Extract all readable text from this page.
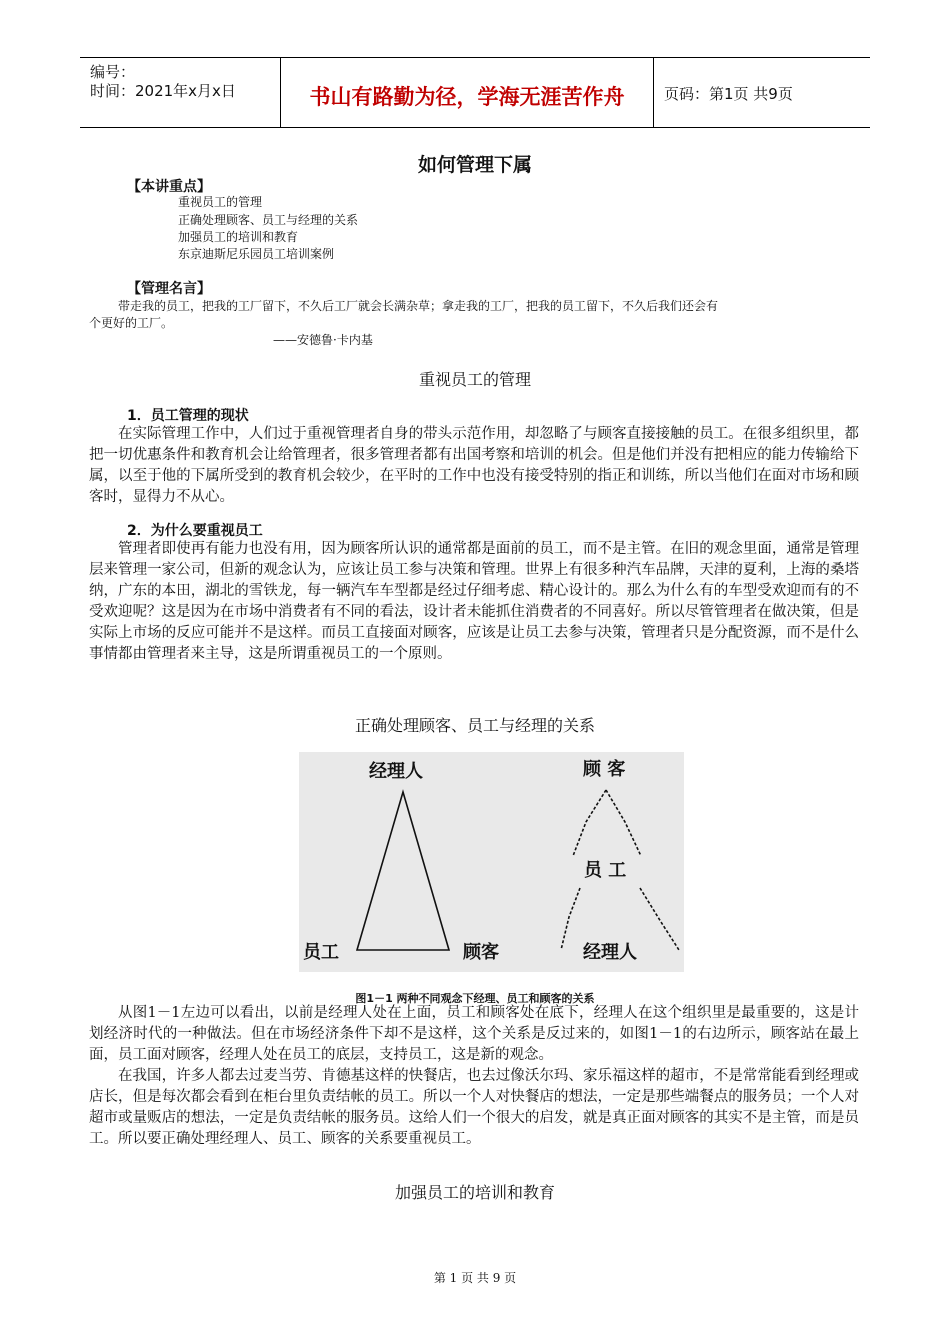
编号：
时间：2021年x月x日	书山有路勤为径，学海无涯苦作舟	页码：第1页 共9页
如何管理下属
【本讲重点】
重视员工的管理
正确处理顾客、员工与经理的关系
加强员工的培训和教育
东京迪斯尼乐园员工培训案例
【管理名言】
带走我的员工，把我的工厂留下，不久后工厂就会长满杂草；拿走我的工厂，把我的员工留下，不久后我们还会有
个更好的工厂。
——安德鲁·卡内基
重视员工的管理
1．员工管理的现状

在实际管理工作中，人们过于重视管理者自身的带头示范作用，却忽略了与顾客直接接触的员工。在很多组织里，都把一切优惠条件和教育机会让给管理者，很多管理者都有出国考察和培训的机会。但是他们并没有把相应的能力传输给下属，以至于他的下属所受到的教育机会较少，在平时的工作中也没有接受特别的指正和训练，所以当他们在面对市场和顾客时，显得力不从心。

2．为什么要重视员工

管理者即使再有能力也没有用，因为顾客所认识的通常都是面前的员工，而不是主管。在旧的观念里面，通常是管理层来管理一家公司，但新的观念认为，应该让员工参与决策和管理。世界上有很多种汽车品牌，天津的夏利，上海的桑塔纳，广东的本田，湖北的雪铁龙，每一辆汽车车型都是经过仔细考虑、精心设计的。那么为什么有的车型受欢迎而有的不受欢迎呢？这是因为在市场中消费者有不同的看法，设计者未能抓住消费者的不同喜好。所以尽管管理者在做决策，但是实际上市场的反应可能并不是这样。而员工直接面对顾客，应该是让员工去参与决策，管理者只是分配资源，而不是什么事情都由管理者来主导，这是所谓重视员工的一个原则。

正确处理顾客、员工与经理的关系
经理人
员工	顾客
顾 客
员 工
经理人
图1－1 两种不同观念下经理、员工和顾客的关系

从图1－1左边可以看出，以前是经理人处在上面，员工和顾客处在底下，经理人在这个组织里是最重要的，这是计划经济时代的一种做法。但在市场经济条件下却不是这样，这个关系是反过来的，如图1－1的右边所示，顾客站在最上面，员工面对顾客，经理人处在员工的底层，支持员工，这是新的观念。

在我国，许多人都去过麦当劳、肯德基这样的快餐店，也去过像沃尔玛、家乐福这样的超市，不是常常能看到经理或店长，但是每次都会看到在柜台里负责结帐的员工。所以一个人对快餐店的想法，一定是那些端餐点的服务员；一个人对超市或量贩店的想法，一定是负责结帐的服务员。这给人们一个很大的启发，就是真正面对顾客的其实不是主管，而是员工。所以要正确处理经理人、员工、顾客的关系要重视员工。

加强员工的培训和教育
第 1 页 共 9 页
